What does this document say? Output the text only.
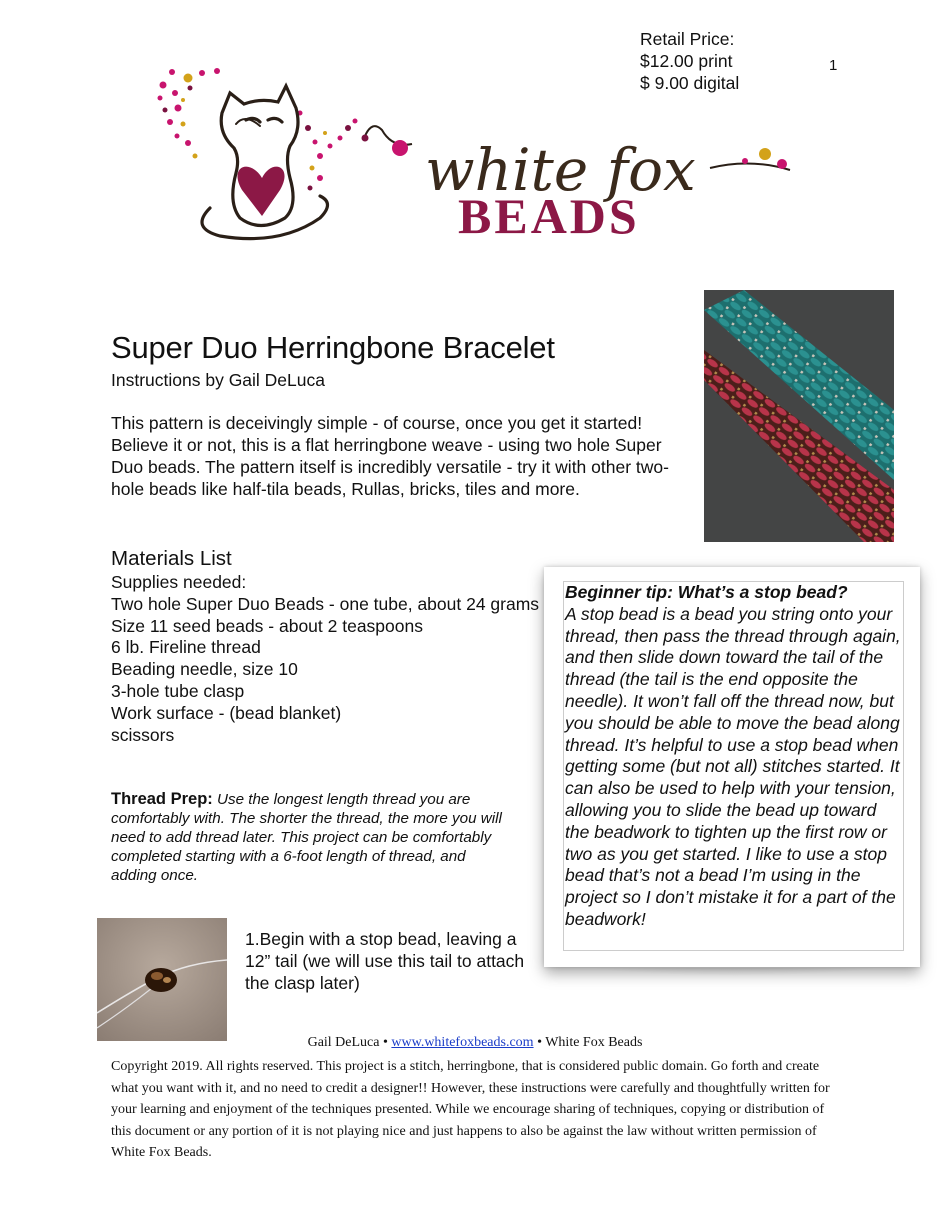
Retail Price:
$12.00 print
$ 9.00 digital
1
white fox
BEADS
Super Duo Herringbone Bracelet
Instructions by Gail DeLuca

This pattern is deceivingly simple - of course, once you get it started! Believe it or not, this is a flat herringbone weave - using two hole Super Duo beads. The pattern itself is incredibly versatile - try it with other two-hole beads like half-tila beads, Rullas, bricks, tiles and more.

Materials List
Supplies needed:
Two hole Super Duo Beads - one tube, about 24 grams
Size 11 seed beads - about 2 teaspoons
6 lb. Fireline thread
Beading needle, size 10
3-hole tube clasp
Work surface - (bead blanket)
scissors
Thread Prep: Use the longest length thread you are comfortably with. The shorter the thread, the more you will need to add thread later. This project can be comfortably completed starting with a 6-foot length of thread, and adding once.
Beginner tip: What’s a stop bead?
A stop bead is a bead you string onto your thread, then pass the thread through again, and then slide down toward the tail of the thread (the tail is the end opposite the needle). It won’t fall off the thread now, but you should be able to move the bead along thread. It’s helpful to use a stop bead when getting some (but not all) stitches started. It can also be used to help with your tension, allowing you to slide the bead up toward the beadwork to tighten up the first row or two as you get started. I like to use a stop bead that’s not a bead I’m using in the project so I don’t mistake it for a part of the beadwork!
1.Begin with a stop bead, leaving a 12” tail (we will use this tail to attach the clasp later)
Gail DeLuca • www.whitefoxbeads.com • White Fox Beads
Copyright 2019. All rights reserved. This project is a stitch, herringbone, that is considered public domain. Go forth and create what you want with it, and no need to credit a designer!! However, these instructions were carefully and thoughtfully written for your learning and enjoyment of the techniques presented. While we encourage sharing of techniques, copying or distribution of this document or any portion of it is not playing nice and just happens to also be against the law without written permission of White Fox Beads.
